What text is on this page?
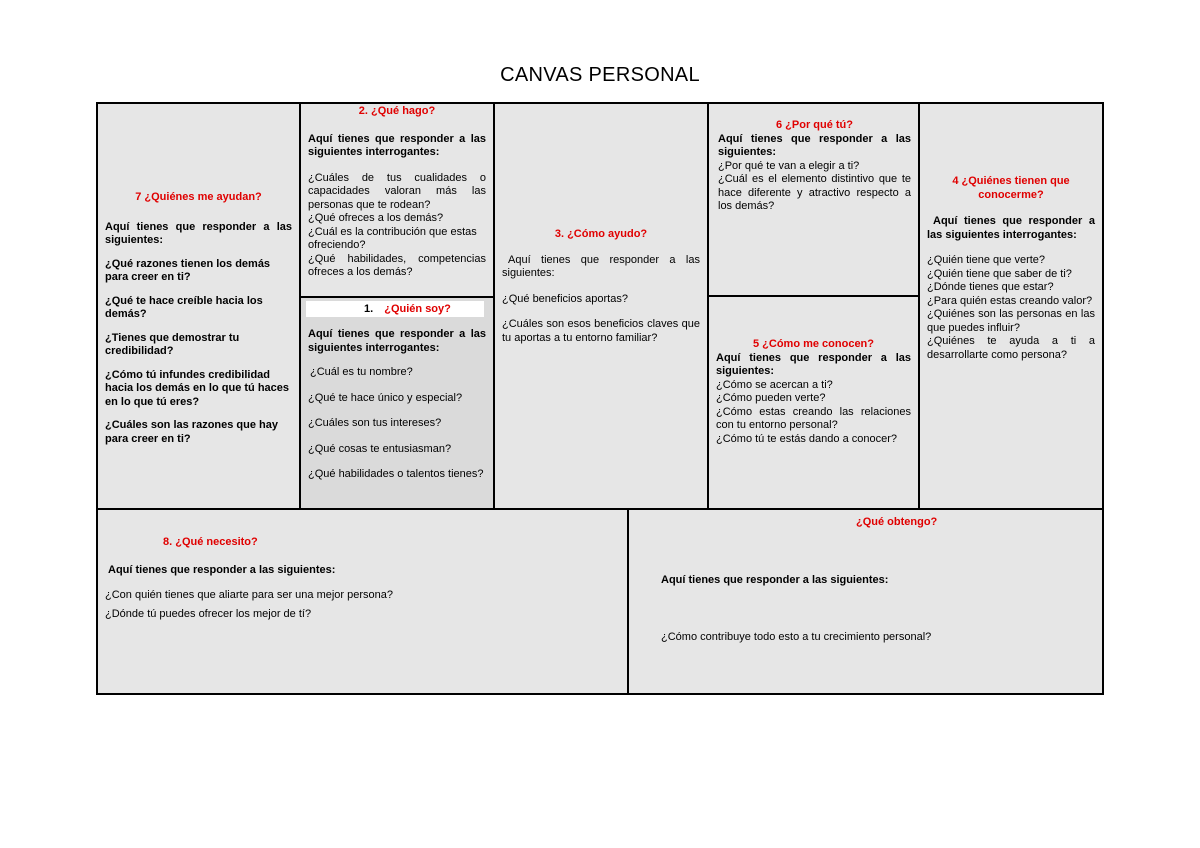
CANVAS PERSONAL
7 ¿Quiénes me ayudan?
Aquí tienes que responder a las siguientes:
¿Qué razones tienen los demás para creer en ti?
¿Qué te hace creíble hacia los demás?
¿Tienes que demostrar tu credibilidad?
¿Cómo tú infundes credibilidad hacia los demás en lo que tú haces en lo que tú eres?
¿Cuáles son las razones que hay para creer en ti?
2. ¿Qué hago?
Aquí tienes que responder a las siguientes interrogantes:
¿Cuáles de tus cualidades o capacidades valoran más las personas que te rodean?
¿Qué ofreces a los demás?
¿Cuál es la contribución que estas ofreciendo?
¿Qué habilidades, competencias ofreces a los demás?
1. ¿Quién soy?
Aquí tienes que responder a las siguientes interrogantes:
¿Cuál es tu nombre?
¿Qué te hace único y especial?
¿Cuáles son tus intereses?
¿Qué cosas te entusiasman?
¿Qué habilidades o talentos tienes?
3. ¿Cómo ayudo?
Aquí tienes que responder a las siguientes:
¿Qué beneficios aportas?
¿Cuáles son esos beneficios claves que tu aportas a tu entorno familiar?
6 ¿Por qué tú?
Aquí tienes que responder a las siguientes:
¿Por qué te van a elegir a ti?
¿Cuál es el elemento distintivo que te hace diferente y atractivo respecto a los demás?
5 ¿Cómo me conocen?
Aquí tienes que responder a las siguientes:
¿Cómo se acercan a ti?
¿Cómo pueden verte?
¿Cómo estas creando las relaciones con tu entorno personal?
¿Cómo tú te estás dando a conocer?
4 ¿Quiénes tienen que
conocerme?
Aquí tienes que responder a las siguientes interrogantes:
¿Quién tiene que verte?
¿Quién tiene que saber de ti?
¿Dónde tienes que estar?
¿Para quién estas creando valor?
¿Quiénes son las personas en las que puedes influir?
¿Quiénes te ayuda a ti a desarrollarte como persona?
8. ¿Qué necesito?
Aquí tienes que responder a las siguientes:
¿Con quién tienes que aliarte para ser una mejor persona?
¿Dónde tú puedes ofrecer los mejor de tí?
¿Qué obtengo?
Aquí tienes que responder a las siguientes:
¿Cómo contribuye todo esto a tu crecimiento personal?
